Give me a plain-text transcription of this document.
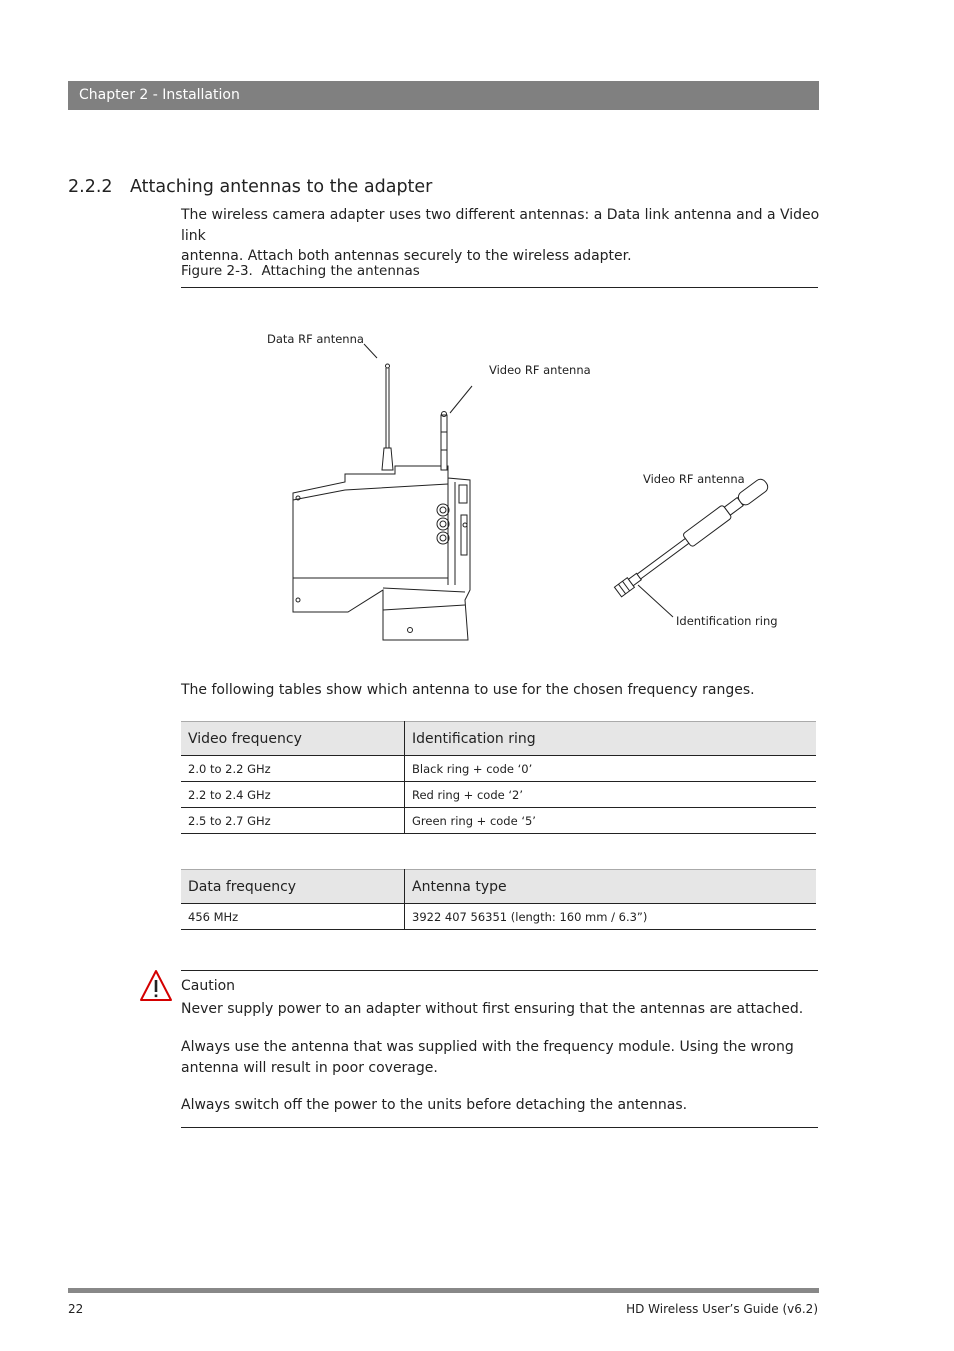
Chapter 2 - Installation
2.2.2 Attaching antennas to the adapter
The wireless camera adapter uses two different antennas: a Data link antenna and a Video link
antenna. Attach both antennas securely to the wireless adapter.
Figure 2-3. Attaching the antennas
Data RF antenna
Video RF antenna
Video RF antenna
Identification ring
The following tables show which antenna to use for the chosen frequency ranges.
Video frequency	Identification ring
2.0 to 2.2 GHz	Black ring + code ‘0’
2.2 to 2.4 GHz	Red ring + code ‘2’
2.5 to 2.7 GHz	Green ring + code ‘5’
Data frequency	Antenna type
456 MHz	3922 407 56351 (length: 160 mm / 6.3”)
Caution
Never supply power to an adapter without first ensuring that the antennas are attached.
Always use the antenna that was supplied with the frequency module. Using the wrong
antenna will result in poor coverage.
Always switch off the power to the units before detaching the antennas.
22	HD Wireless User’s Guide (v6.2)
